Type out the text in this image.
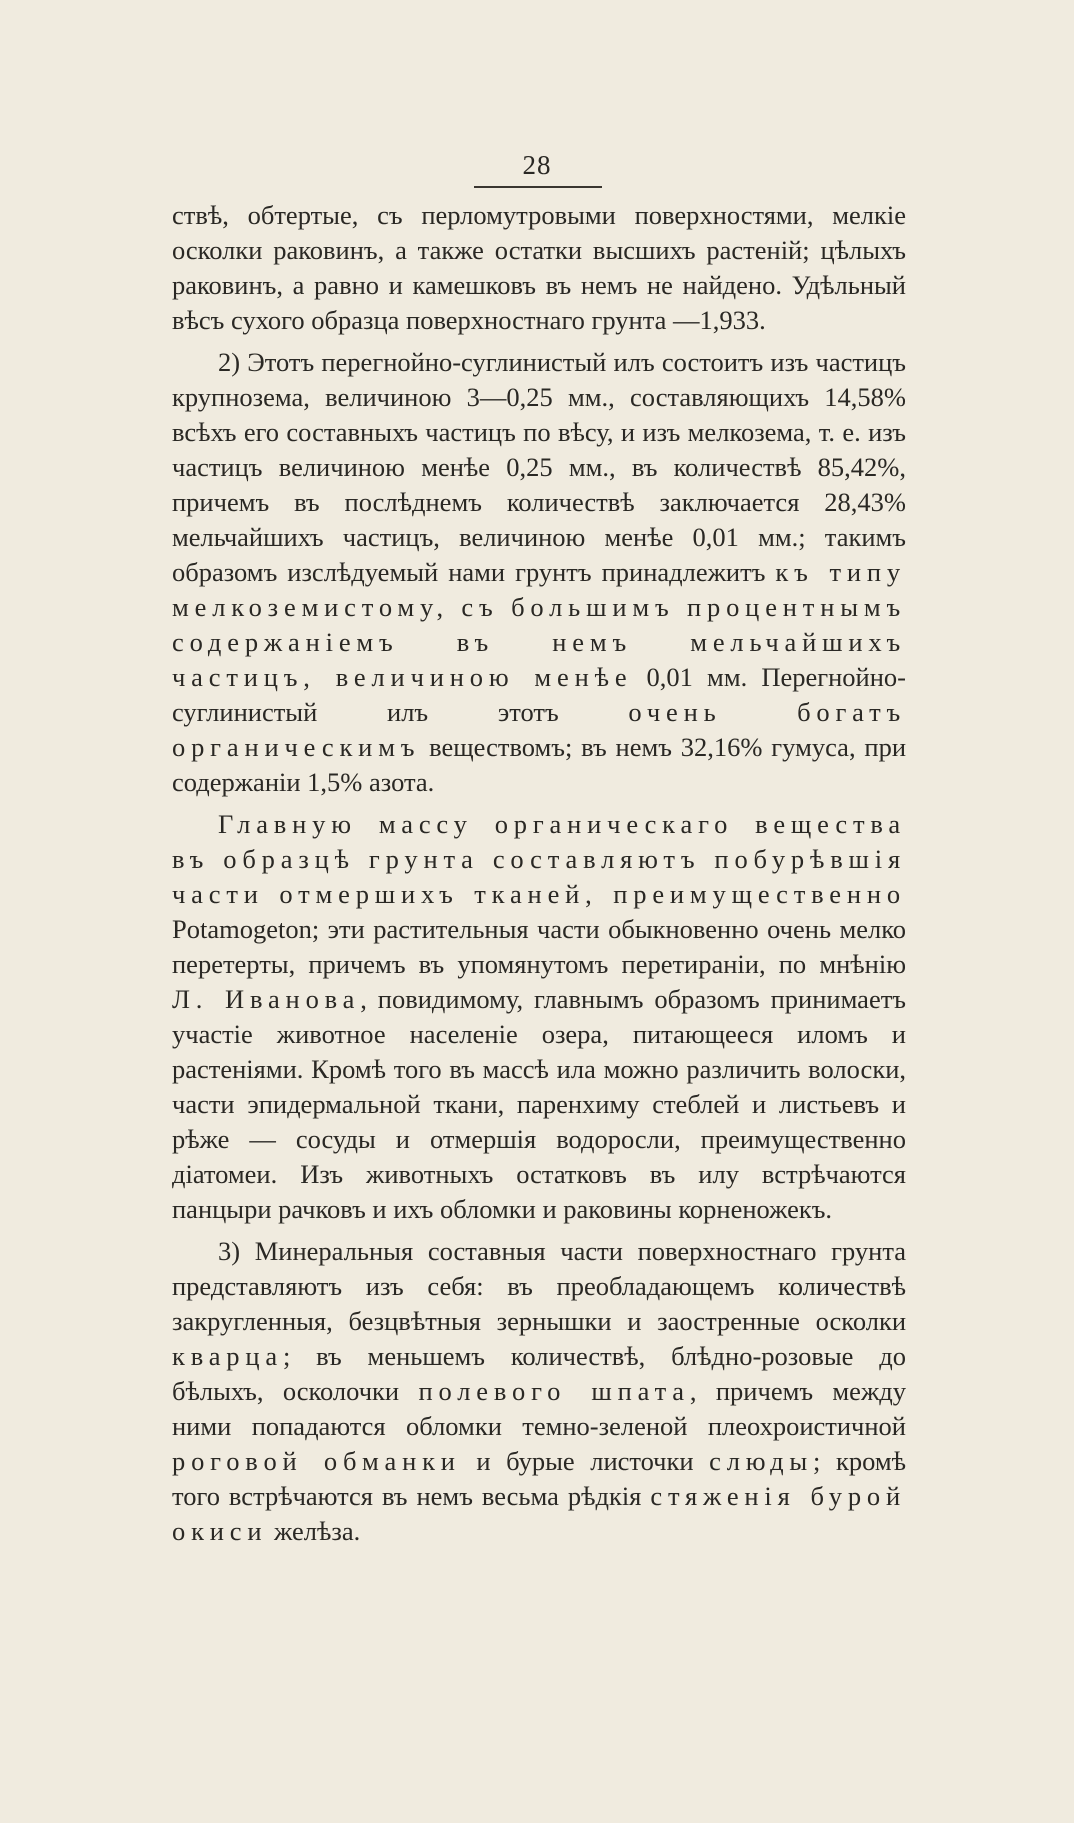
28

ствѣ, обтертые, съ перломутровыми поверхностями, мелкіе осколки раковинъ, а также остатки высшихъ растеній; цѣлыхъ раковинъ, а равно и камешковъ въ немъ не найдено. Удѣльный вѣсъ сухого образца поверхностнаго грунта —1,933.

2) Этотъ перегнойно-суглинистый илъ состоитъ изъ частицъ крупнозема, величиною 3—0,25 мм., составляющихъ 14,58% всѣхъ его составныхъ частицъ по вѣсу, и изъ мелкозема, т. е. изъ частицъ величиною менѣе 0,25 мм., въ количествѣ 85,42%, причемъ въ послѣднемъ количествѣ заключается 28,43% мельчайшихъ частицъ, величиною менѣе 0,01 мм.; такимъ образомъ изслѣдуемый нами грунтъ принадлежитъ къ типу мелкоземистому, съ большимъ процентнымъ содержаніемъ въ немъ мельчайшихъ частицъ, величиною менѣе 0,01 мм. Перегнойно-суглинистый илъ этотъ очень богатъ органическимъ веществомъ; въ немъ 32,16% гумуса, при содержаніи 1,5% азота.

Главную массу органическаго вещества въ образцѣ грунта составляютъ побурѣвшія части отмершихъ тканей, преимущественно Potamogeton; эти растительныя части обыкновенно очень мелко перетерты, причемъ въ упомянутомъ перетираніи, по мнѣнію Л. Иванова, повидимому, главнымъ образомъ принимаетъ участіе животное населеніе озера, питающееся иломъ и растеніями. Кромѣ того въ массѣ ила можно различить волоски, части эпидермальной ткани, паренхиму стеблей и листьевъ и рѣже — сосуды и отмершія водоросли, преимущественно діатомеи. Изъ животныхъ остатковъ въ илу встрѣчаются панцыри рачковъ и ихъ обломки и раковины корненожекъ.

3) Минеральныя составныя части поверхностнаго грунта представляютъ изъ себя: въ преобладающемъ количествѣ закругленныя, безцвѣтныя зернышки и заостренные осколки кварца; въ меньшемъ количествѣ, блѣдно-розовые до бѣлыхъ, осколочки полевого шпата, причемъ между ними попадаются обломки темно-зеленой плеохроистичной роговой обманки и бурые листочки слюды; кромѣ того встрѣчаются въ немъ весьма рѣдкія стяженія бурой окиси желѣза.
